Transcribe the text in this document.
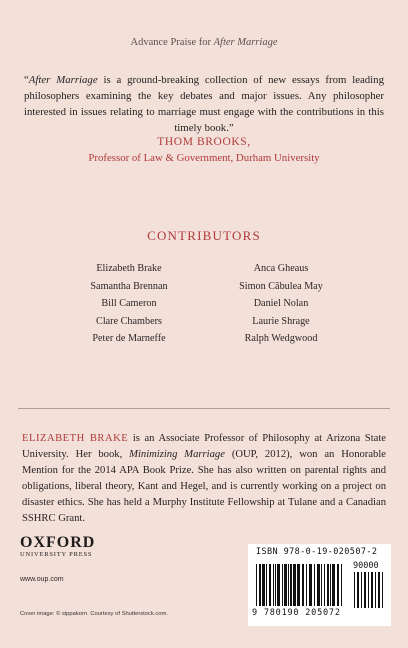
Advance Praise for After Marriage
“After Marriage is a ground-breaking collection of new essays from leading philosophers examining the key debates and major issues. Any philosopher interested in issues relating to marriage must engage with the contributions in this timely book.”
THOM BROOKS,
Professor of Law & Government, Durham University
CONTRIBUTORS
Elizabeth Brake
Samantha Brennan
Bill Cameron
Clare Chambers
Peter de Marneffe
Anca Gheaus
Simon Căbulea May
Daniel Nolan
Laurie Shrage
Ralph Wedgwood
ELIZABETH BRAKE is an Associate Professor of Philosophy at Arizona State University. Her book, Minimizing Marriage (OUP, 2012), won an Honorable Mention for the 2014 APA Book Prize. She has also written on parental rights and obligations, liberal theory, Kant and Hegel, and is currently working on a project on disaster ethics. She has held a Murphy Institute Fellowship at Tulane and a Canadian SSHRC Grant.
OXFORD
UNIVERSITY PRESS
www.oup.com
Cover image: © sippakorn. Courtesy of Shutterstock.com.
ISBN 978-0-19-020507-2
90000
9 780190 205072
